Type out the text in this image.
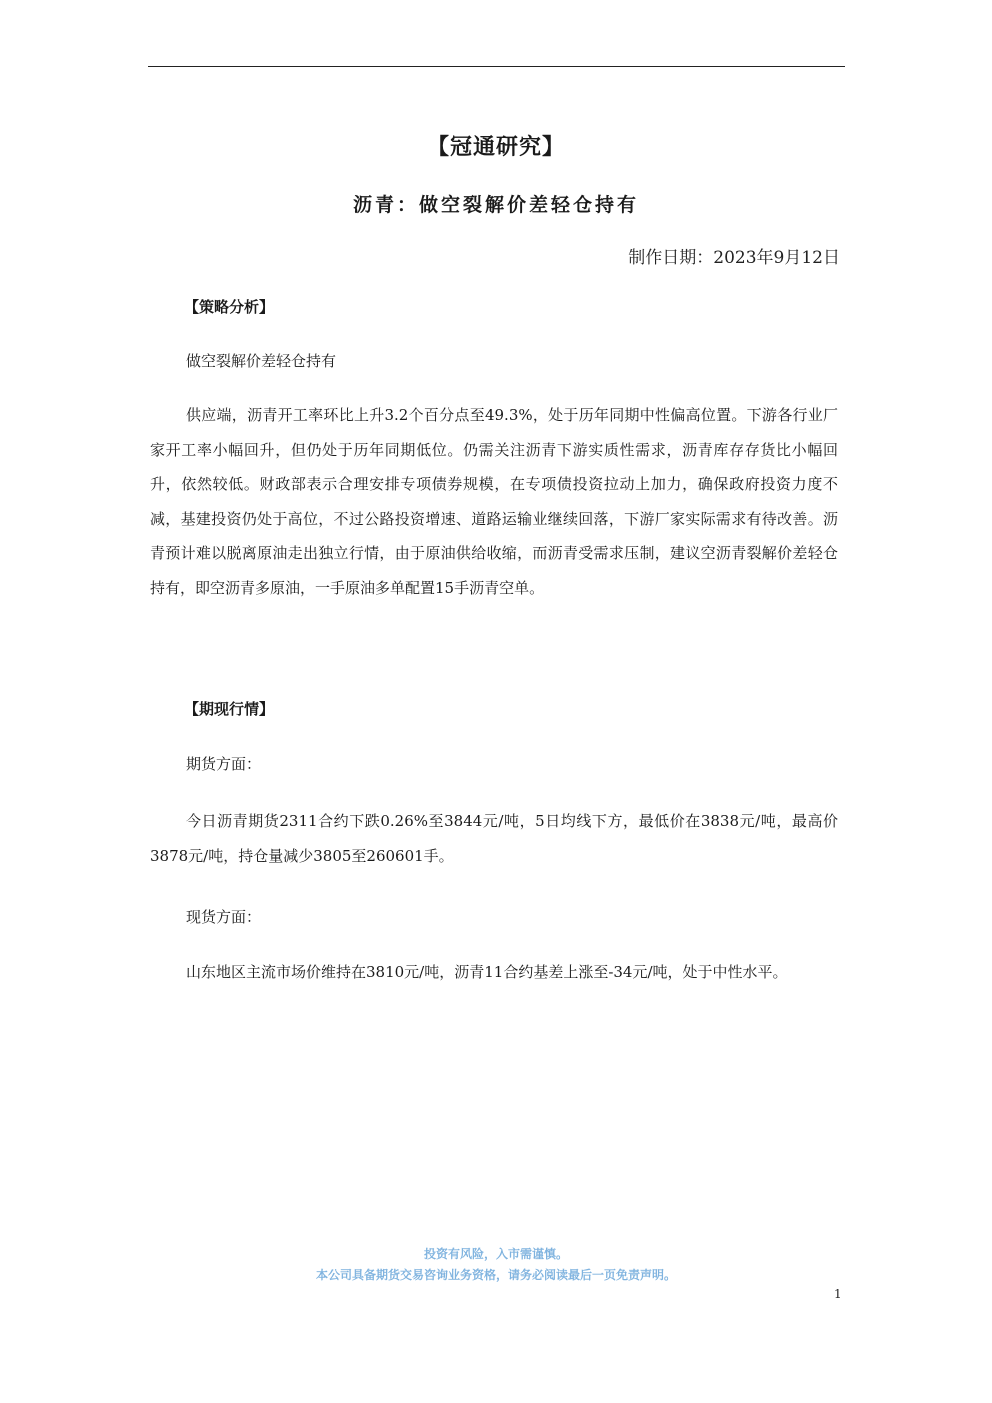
【冠通研究】
沥青：做空裂解价差轻仓持有
制作日期：2023年9月12日
【策略分析】

做空裂解价差轻仓持有

供应端，沥青开工率环比上升3.2个百分点至49.3%，处于历年同期中性偏高位置。下游各行业厂家开工率小幅回升，但仍处于历年同期低位。仍需关注沥青下游实质性需求，沥青库存存货比小幅回升，依然较低。财政部表示合理安排专项债券规模，在专项债投资拉动上加力，确保政府投资力度不减，基建投资仍处于高位，不过公路投资增速、道路运输业继续回落，下游厂家实际需求有待改善。沥青预计难以脱离原油走出独立行情，由于原油供给收缩，而沥青受需求压制，建议空沥青裂解价差轻仓持有，即空沥青多原油，一手原油多单配置15手沥青空单。

【期现行情】

期货方面：

今日沥青期货2311合约下跌0.26%至3844元/吨，5日均线下方，最低价在3838元/吨，最高价3878元/吨，持仓量减少3805至260601手。

现货方面：

山东地区主流市场价维持在3810元/吨，沥青11合约基差上涨至-34元/吨，处于中性水平。

投资有风险，入市需谨慎。
本公司具备期货交易咨询业务资格，请务必阅读最后一页免责声明。
1
